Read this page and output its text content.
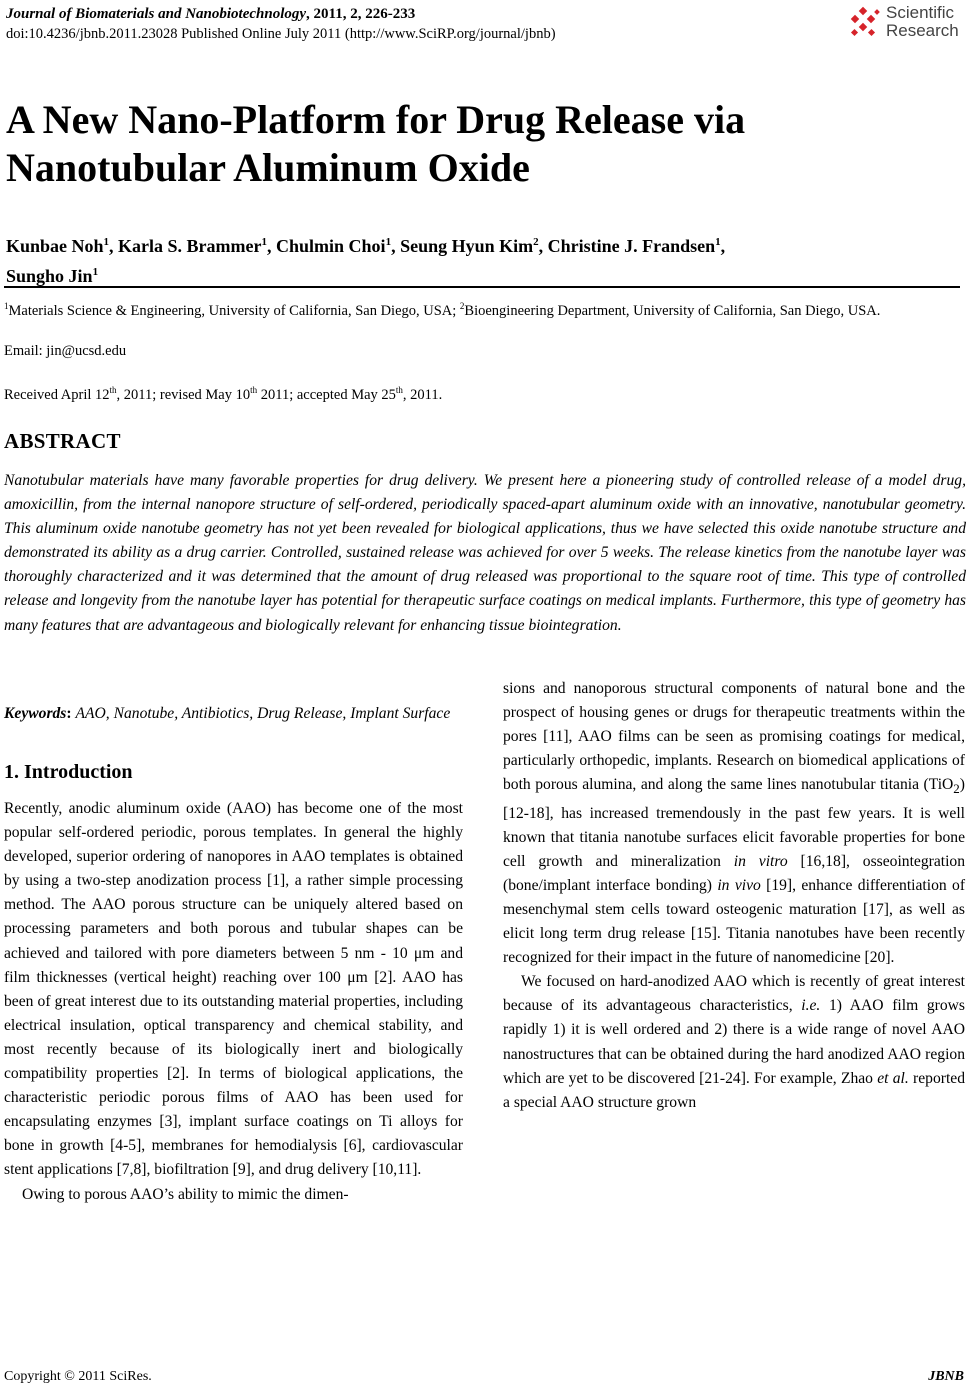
Journal of Biomaterials and Nanobiotechnology, 2011, 2, 226-233
doi:10.4236/jbnb.2011.23028 Published Online July 2011 (http://www.SciRP.org/journal/jbnb)
Scientific
Research
A New Nano-Platform for Drug Release via
Nanotubular Aluminum Oxide
Kunbae Noh$^1$, Karla S. Brammer$^1$, Chulmin Choi$^1$, Seung Hyun Kim$^2$, Christine J. Frandsen$^1$,
Sungho Jin$^1$
$^1$Materials Science & Engineering, University of California, San Diego, USA; $^2$Bioengineering Department, University of California, San Diego, USA.
Email: jin@ucsd.edu
Received April 12th, 2011; revised May 10th 2011; accepted May 25th, 2011.
ABSTRACT

Nanotubular materials have many favorable properties for drug delivery. We present here a pioneering study of controlled release of a model drug, amoxicillin, from the internal nanopore structure of self-ordered, periodically spaced-apart aluminum oxide with an innovative, nanotubular geometry. This aluminum oxide nanotube geometry has not yet been revealed for biological applications, thus we have selected this oxide nanotube structure and demonstrated its ability as a drug carrier. Controlled, sustained release was achieved for over 5 weeks. The release kinetics from the nanotube layer was thoroughly characterized and it was determined that the amount of drug released was proportional to the square root of time. This type of controlled release and longevity from the nanotube layer has potential for therapeutic surface coatings on medical implants. Furthermore, this type of geometry has many features that are advantageous and biologically relevant for enhancing tissue biointegration.

Keywords: AAO, Nanotube, Antibiotics, Drug Release, Implant Surface
1. Introduction

Recently, anodic aluminum oxide (AAO) has become one of the most popular self-ordered periodic, porous templates. In general the highly developed, superior ordering of nanopores in AAO templates is obtained by using a two-step anodization process [1], a rather simple processing method. The AAO porous structure can be uniquely altered based on processing parameters and both porous and tubular shapes can be achieved and tailored with pore diameters between 5 nm - 10 μm and film thicknesses (vertical height) reaching over 100 μm [2]. AAO has been of great interest due to its outstanding material properties, including electrical insulation, optical transparency and chemical stability, and most recently because of its biologically inert and biologically compatibility properties [2]. In terms of biological applications, the characteristic periodic porous films of AAO has been used for encapsulating enzymes [3], implant surface coatings on Ti alloys for bone in growth [4-5], membranes for hemodialysis [6], cardiovascular stent applications [7,8], biofiltration [9], and drug delivery [10,11].

Owing to porous AAO’s ability to mimic the dimen-

sions and nanoporous structural components of natural bone and the prospect of housing genes or drugs for therapeutic treatments within the pores [11], AAO films can be seen as promising coatings for medical, particularly orthopedic, implants. Research on biomedical applications of both porous alumina, and along the same lines nanotubular titania (TiO$_2$) [12-18], has increased tremendously in the past few years. It is well known that titania nanotube surfaces elicit favorable properties for bone cell growth and mineralization in vitro [16,18], osseointegration (bone/implant interface bonding) in vivo [19], enhance differentiation of mesenchymal stem cells toward osteogenic maturation [17], as well as elicit long term drug release [15]. Titania nanotubes have been recently recognized for their impact in the future of nanomedicine [20].

We focused on hard-anodized AAO which is recently of great interest because of its advantageous characteristics, i.e. 1) AAO film grows rapidly 1) it is well ordered and 2) there is a wide range of novel AAO nanostructures that can be obtained during the hard anodized AAO region which are yet to be discovered [21-24]. For example, Zhao et al. reported a special AAO structure grown

Copyright © 2011 SciRes.	JBNB
